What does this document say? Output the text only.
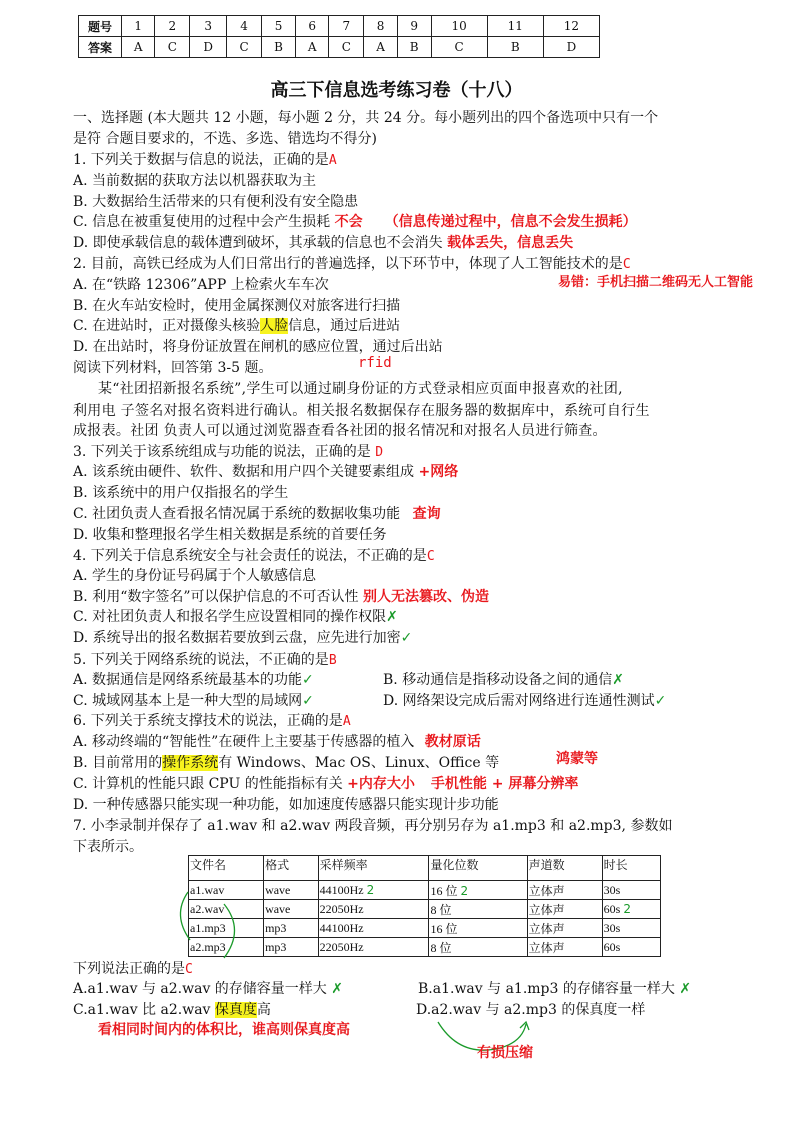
题号	1	2	3	4	5	6	7	8	9	10	11	12
答案	A	C	D	C	B	A	C	A	B	C	B	D
高三下信息选考练习卷（十八）
一、选择题 (本大题共 12 小题，每小题 2 分，共 24 分。每小题列出的四个备选项中只有一个
是符 合题目要求的，不选、多选、错选均不得分)
1. 下列关于数据与信息的说法，正确的是A
A. 当前数据的获取方法以机器获取为主
B. 大数据给生活带来的只有便利没有安全隐患
C. 信息在被重复使用的过程中会产生损耗 不会 （信息传递过程中，信息不会发生损耗）
D. 即使承载信息的载体遭到破坏，其承载的信息也不会消失 载体丢失，信息丢失
2. 目前，高铁已经成为人们日常出行的普遍选择，以下环节中，体现了人工智能技术的是C
A. 在“铁路 12306”APP 上检索火车车次	易错：手机扫描二维码无人工智能
B. 在火车站安检时，使用金属探测仪对旅客进行扫描
C. 在进站时，正对摄像头核验人脸信息，通过后进站
D. 在出站时，将身份证放置在闸机的感应位置，通过后出站
rfid
阅读下列材料，回答第 3-5 题。
某“社团招新报名系统”,学生可以通过刷身份证的方式登录相应页面申报喜欢的社团,
利用电 子签名对报名资料进行确认。相关报名数据保存在服务器的数据库中，系统可自行生
成报表。社团 负责人可以通过浏览器查看各社团的报名情况和对报名人员进行筛查。
3. 下列关于该系统组成与功能的说法，正确的是 D
A. 该系统由硬件、软件、数据和用户四个关键要素组成 +网络
B. 该系统中的用户仅指报名的学生
C. 社团负责人查看报名情况属于系统的数据收集功能 查询
D. 收集和整理报名学生相关数据是系统的首要任务
4. 下列关于信息系统安全与社会责任的说法，不正确的是C
A. 学生的身份证号码属于个人敏感信息
B. 利用“数字签名”可以保护信息的不可否认性 别人无法篡改、伪造
C. 对社团负责人和报名学生应设置相同的操作权限✗
D. 系统导出的报名数据若要放到云盘，应先进行加密✓
5. 下列关于网络系统的说法，不正确的是B
A. 数据通信是网络系统最基本的功能✓	B. 移动通信是指移动设备之间的通信✗
C. 城域网基本上是一种大型的局域网✓	D. 网络架设完成后需对网络进行连通性测试✓
6. 下列关于系统支撑技术的说法，正确的是A
A. 移动终端的“智能性”在硬件上主要基于传感器的植入 教材原话
B. 目前常用的操作系统有 Windows、Mac OS、Linux、Office 等	鸿蒙等
C. 计算机的性能只跟 CPU 的性能指标有关 +内存大小 手机性能 + 屏幕分辨率
D. 一种传感器只能实现一种功能，如加速度传感器只能实现计步功能
7. 小李录制并保存了 a1.wav 和 a2.wav 两段音频，再分别另存为 a1.mp3 和 a2.mp3, 参数如
下表所示。
文件名	格式	采样频率	量化位数	声道数	时长
a1.wav	wave	44100Hz 2	16 位 2	立体声	30s
a2.wav	wave	22050Hz	8 位	立体声	60s 2
a1.mp3	mp3	44100Hz	16 位	立体声	30s
a2.mp3	mp3	22050Hz	8 位	立体声	60s
下列说法正确的是C
A.a1.wav 与 a2.wav 的存储容量一样大 ✗	B.a1.wav 与 a1.mp3 的存储容量一样大 ✗
C.a1.wav 比 a2.wav 保真度高	D.a2.wav 与 a2.mp3 的保真度一样
看相同时间内的体积比，谁高则保真度高
有损压缩
